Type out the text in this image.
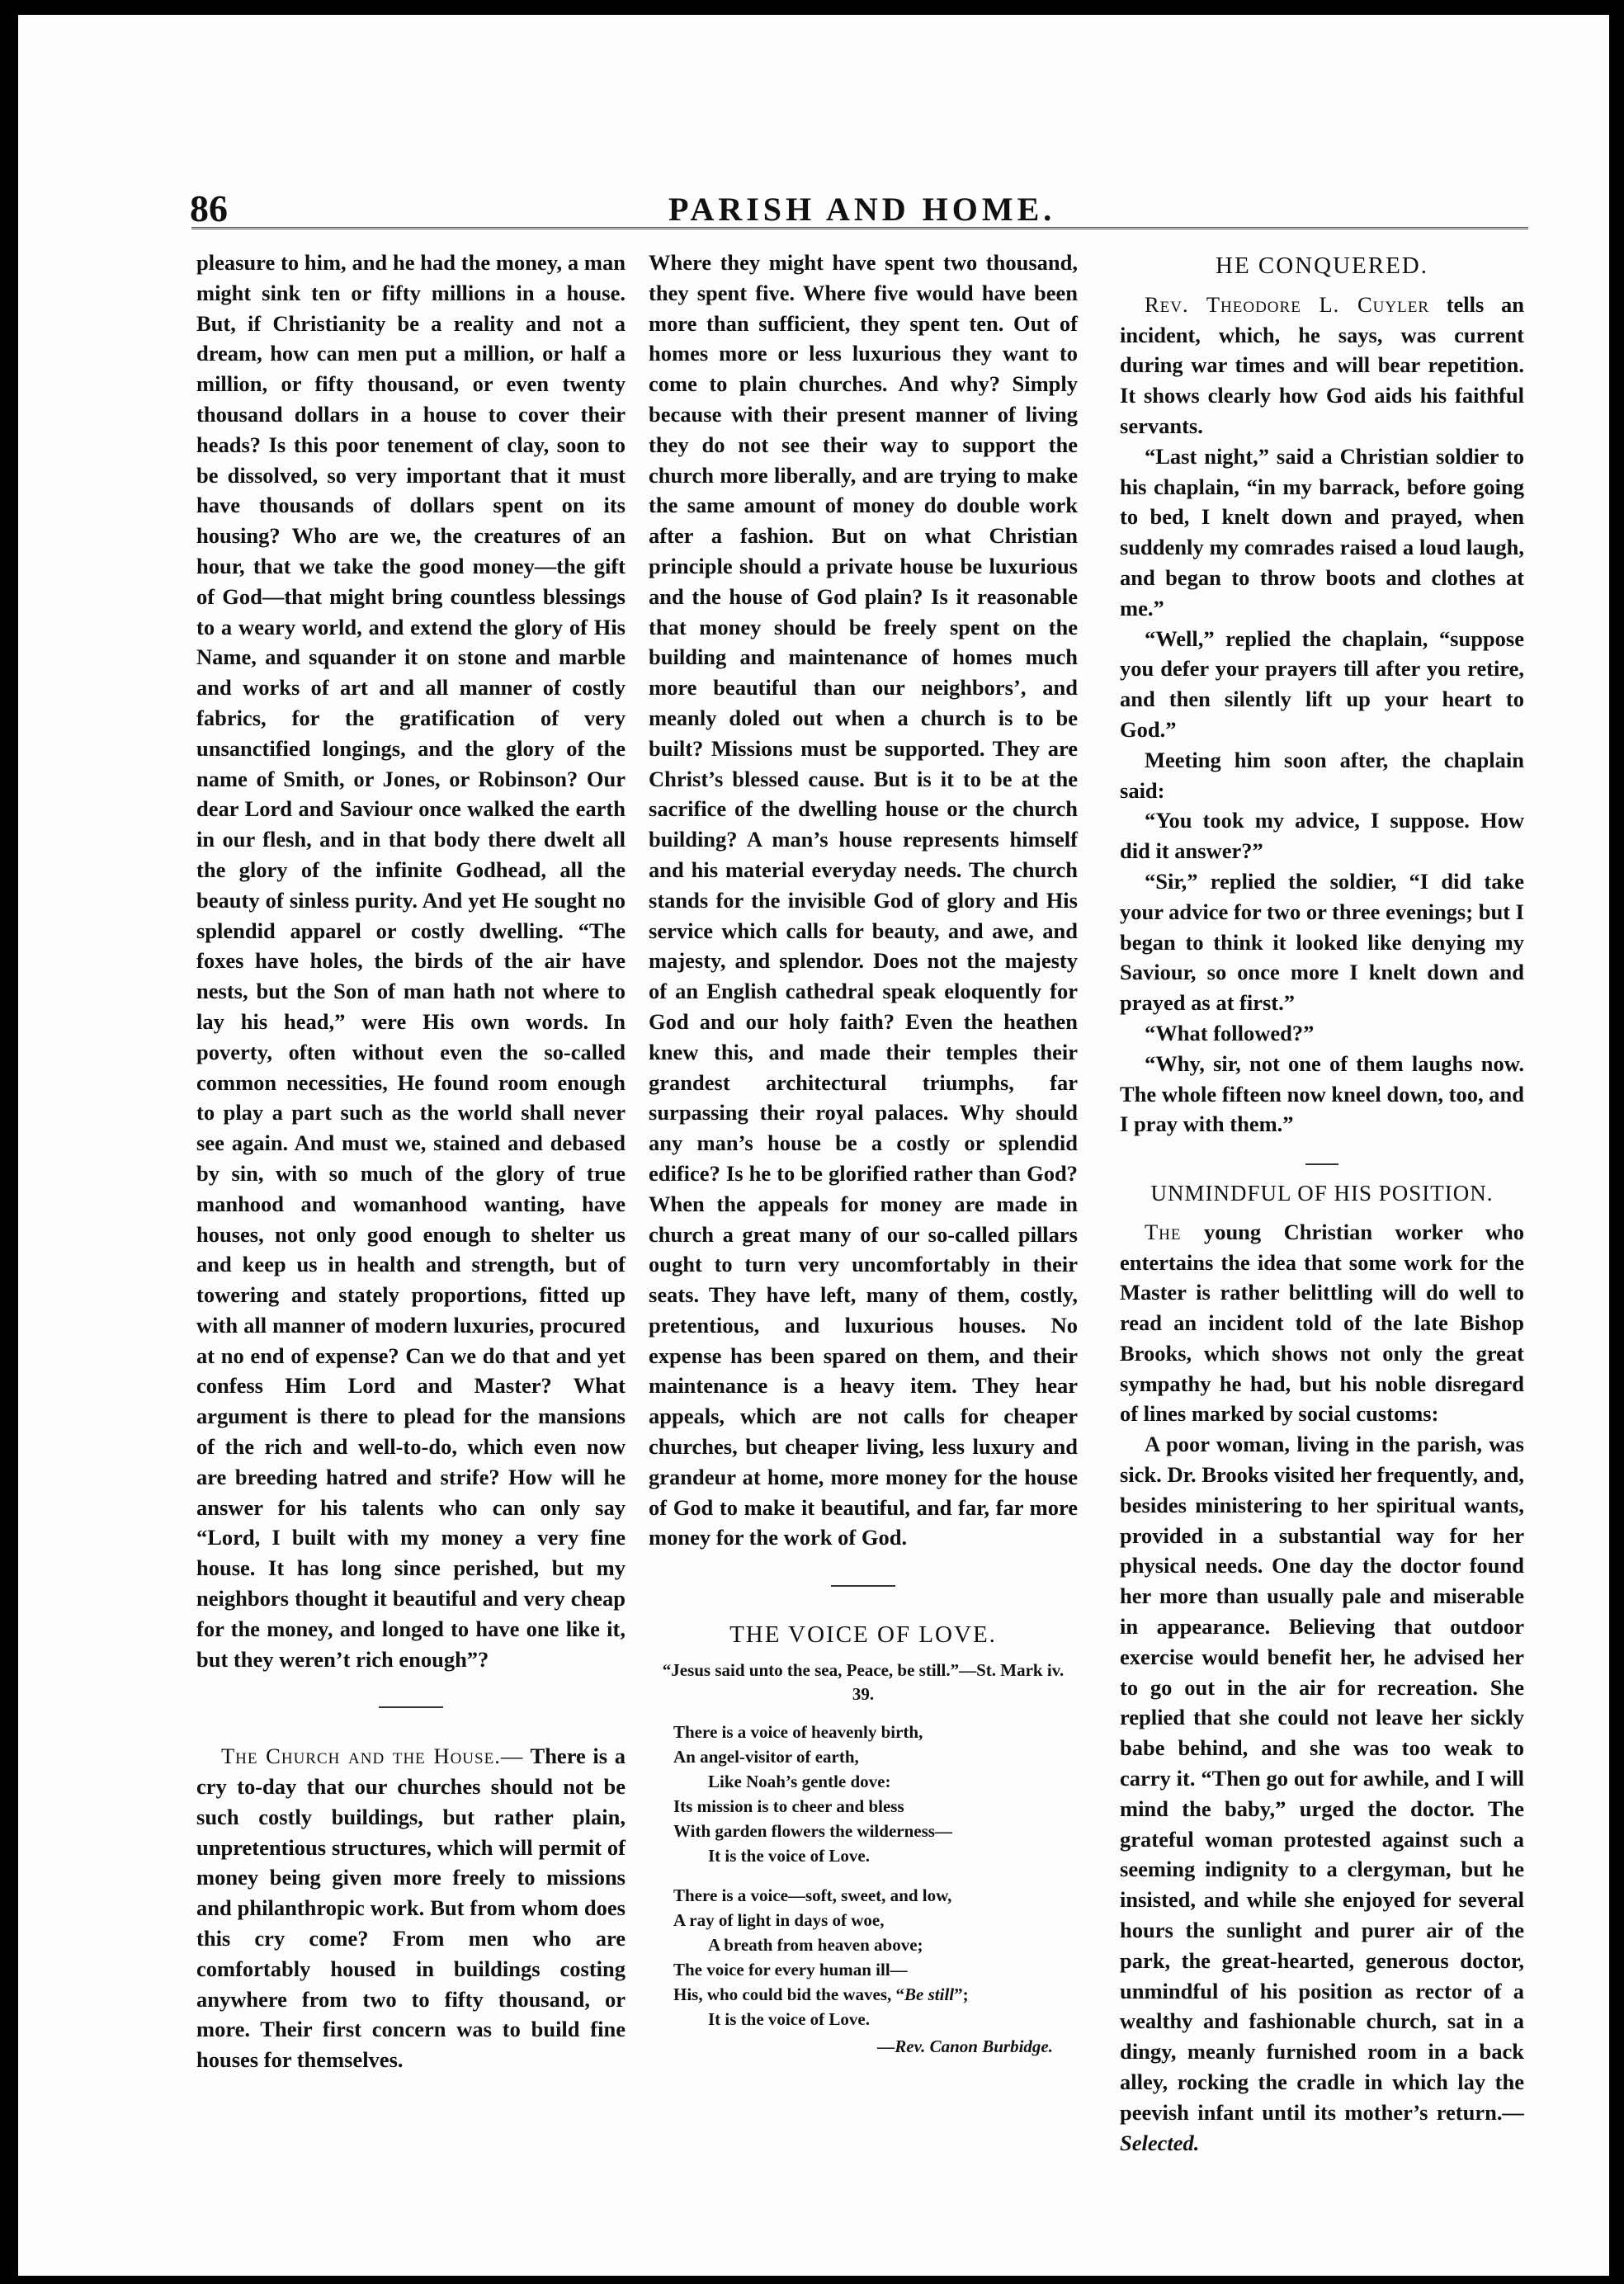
86	PARISH AND HOME.

pleasure to him, and he had the money, a man might sink ten or fifty millions in a house. But, if Christianity be a reality and not a dream, how can men put a million, or half a million, or fifty thousand, or even twenty thousand dollars in a house to cover their heads? Is this poor tenement of clay, soon to be dissolved, so very important that it must have thousands of dollars spent on its housing? Who are we, the creatures of an hour, that we take the good money—the gift of God—that might bring countless blessings to a weary world, and extend the glory of His Name, and squander it on stone and marble and works of art and all manner of costly fabrics, for the gratification of very unsanctified longings, and the glory of the name of Smith, or Jones, or Robinson? Our dear Lord and Saviour once walked the earth in our flesh, and in that body there dwelt all the glory of the infinite Godhead, all the beauty of sinless purity. And yet He sought no splendid apparel or costly dwelling. “The foxes have holes, the birds of the air have nests, but the Son of man hath not where to lay his head,” were His own words. In poverty, often without even the so-called common necessities, He found room enough to play a part such as the world shall never see again. And must we, stained and debased by sin, with so much of the glory of true manhood and womanhood wanting, have houses, not only good enough to shelter us and keep us in health and strength, but of towering and stately proportions, fitted up with all manner of modern luxuries, procured at no end of expense? Can we do that and yet confess Him Lord and Master? What argument is there to plead for the mansions of the rich and well-to-do, which even now are breeding hatred and strife? How will he answer for his talents who can only say “Lord, I built with my money a very fine house. It has long since perished, but my neighbors thought it beautiful and very cheap for the money, and longed to have one like it, but they weren’t rich enough”?

The Church and the House.— There is a cry to-day that our churches should not be such costly buildings, but rather plain, unpretentious structures, which will permit of money being given more freely to missions and philanthropic work. But from whom does this cry come? From men who are comfortably housed in buildings costing anywhere from two to fifty thousand, or more. Their first concern was to build fine houses for themselves.

Where they might have spent two thousand, they spent five. Where five would have been more than sufficient, they spent ten. Out of homes more or less luxurious they want to come to plain churches. And why? Simply because with their present manner of living they do not see their way to support the church more liberally, and are trying to make the same amount of money do double work after a fashion. But on what Christian principle should a private house be luxurious and the house of God plain? Is it reasonable that money should be freely spent on the building and maintenance of homes much more beautiful than our neighbors’, and meanly doled out when a church is to be built? Missions must be supported. They are Christ’s blessed cause. But is it to be at the sacrifice of the dwelling house or the church building? A man’s house represents himself and his material everyday needs. The church stands for the invisible God of glory and His service which calls for beauty, and awe, and majesty, and splendor. Does not the majesty of an English cathedral speak eloquently for God and our holy faith? Even the heathen knew this, and made their temples their grandest architectural triumphs, far surpassing their royal palaces. Why should any man’s house be a costly or splendid edifice? Is he to be glorified rather than God? When the appeals for money are made in church a great many of our so-called pillars ought to turn very uncomfortably in their seats. They have left, many of them, costly, pretentious, and luxurious houses. No expense has been spared on them, and their maintenance is a heavy item. They hear appeals, which are not calls for cheaper churches, but cheaper living, less luxury and grandeur at home, more money for the house of God to make it beautiful, and far, far more money for the work of God.

THE VOICE OF LOVE.
“Jesus said unto the sea, Peace, be still.”—St. Mark iv. 39.
There is a voice of heavenly birth,
An angel-visitor of earth,
Like Noah’s gentle dove:
Its mission is to cheer and bless
With garden flowers the wilderness—
It is the voice of Love.
There is a voice—soft, sweet, and low,
A ray of light in days of woe,
A breath from heaven above;
The voice for every human ill—
His, who could bid the waves, “Be still”;
It is the voice of Love.
—Rev. Canon Burbidge.
HE CONQUERED.

Rev. Theodore L. Cuyler tells an incident, which, he says, was current during war times and will bear repetition. It shows clearly how God aids his faithful servants.

“Last night,” said a Christian soldier to his chaplain, “in my barrack, before going to bed, I knelt down and prayed, when suddenly my comrades raised a loud laugh, and began to throw boots and clothes at me.”

“Well,” replied the chaplain, “suppose you defer your prayers till after you retire, and then silently lift up your heart to God.”

Meeting him soon after, the chaplain said:

“You took my advice, I suppose. How did it answer?”

“Sir,” replied the soldier, “I did take your advice for two or three evenings; but I began to think it looked like denying my Saviour, so once more I knelt down and prayed as at first.”

“What followed?”

“Why, sir, not one of them laughs now. The whole fifteen now kneel down, too, and I pray with them.”

UNMINDFUL OF HIS POSITION.

The young Christian worker who entertains the idea that some work for the Master is rather belittling will do well to read an incident told of the late Bishop Brooks, which shows not only the great sympathy he had, but his noble disregard of lines marked by social customs:

A poor woman, living in the parish, was sick. Dr. Brooks visited her frequently, and, besides ministering to her spiritual wants, provided in a substantial way for her physical needs. One day the doctor found her more than usually pale and miserable in appearance. Believing that outdoor exercise would benefit her, he advised her to go out in the air for recreation. She replied that she could not leave her sickly babe behind, and she was too weak to carry it. “Then go out for awhile, and I will mind the baby,” urged the doctor. The grateful woman protested against such a seeming indignity to a clergyman, but he insisted, and while she enjoyed for several hours the sunlight and purer air of the park, the great-hearted, generous doctor, unmindful of his position as rector of a wealthy and fashionable church, sat in a dingy, meanly furnished room in a back alley, rocking the cradle in which lay the peevish infant until its mother’s return.—Selected.
